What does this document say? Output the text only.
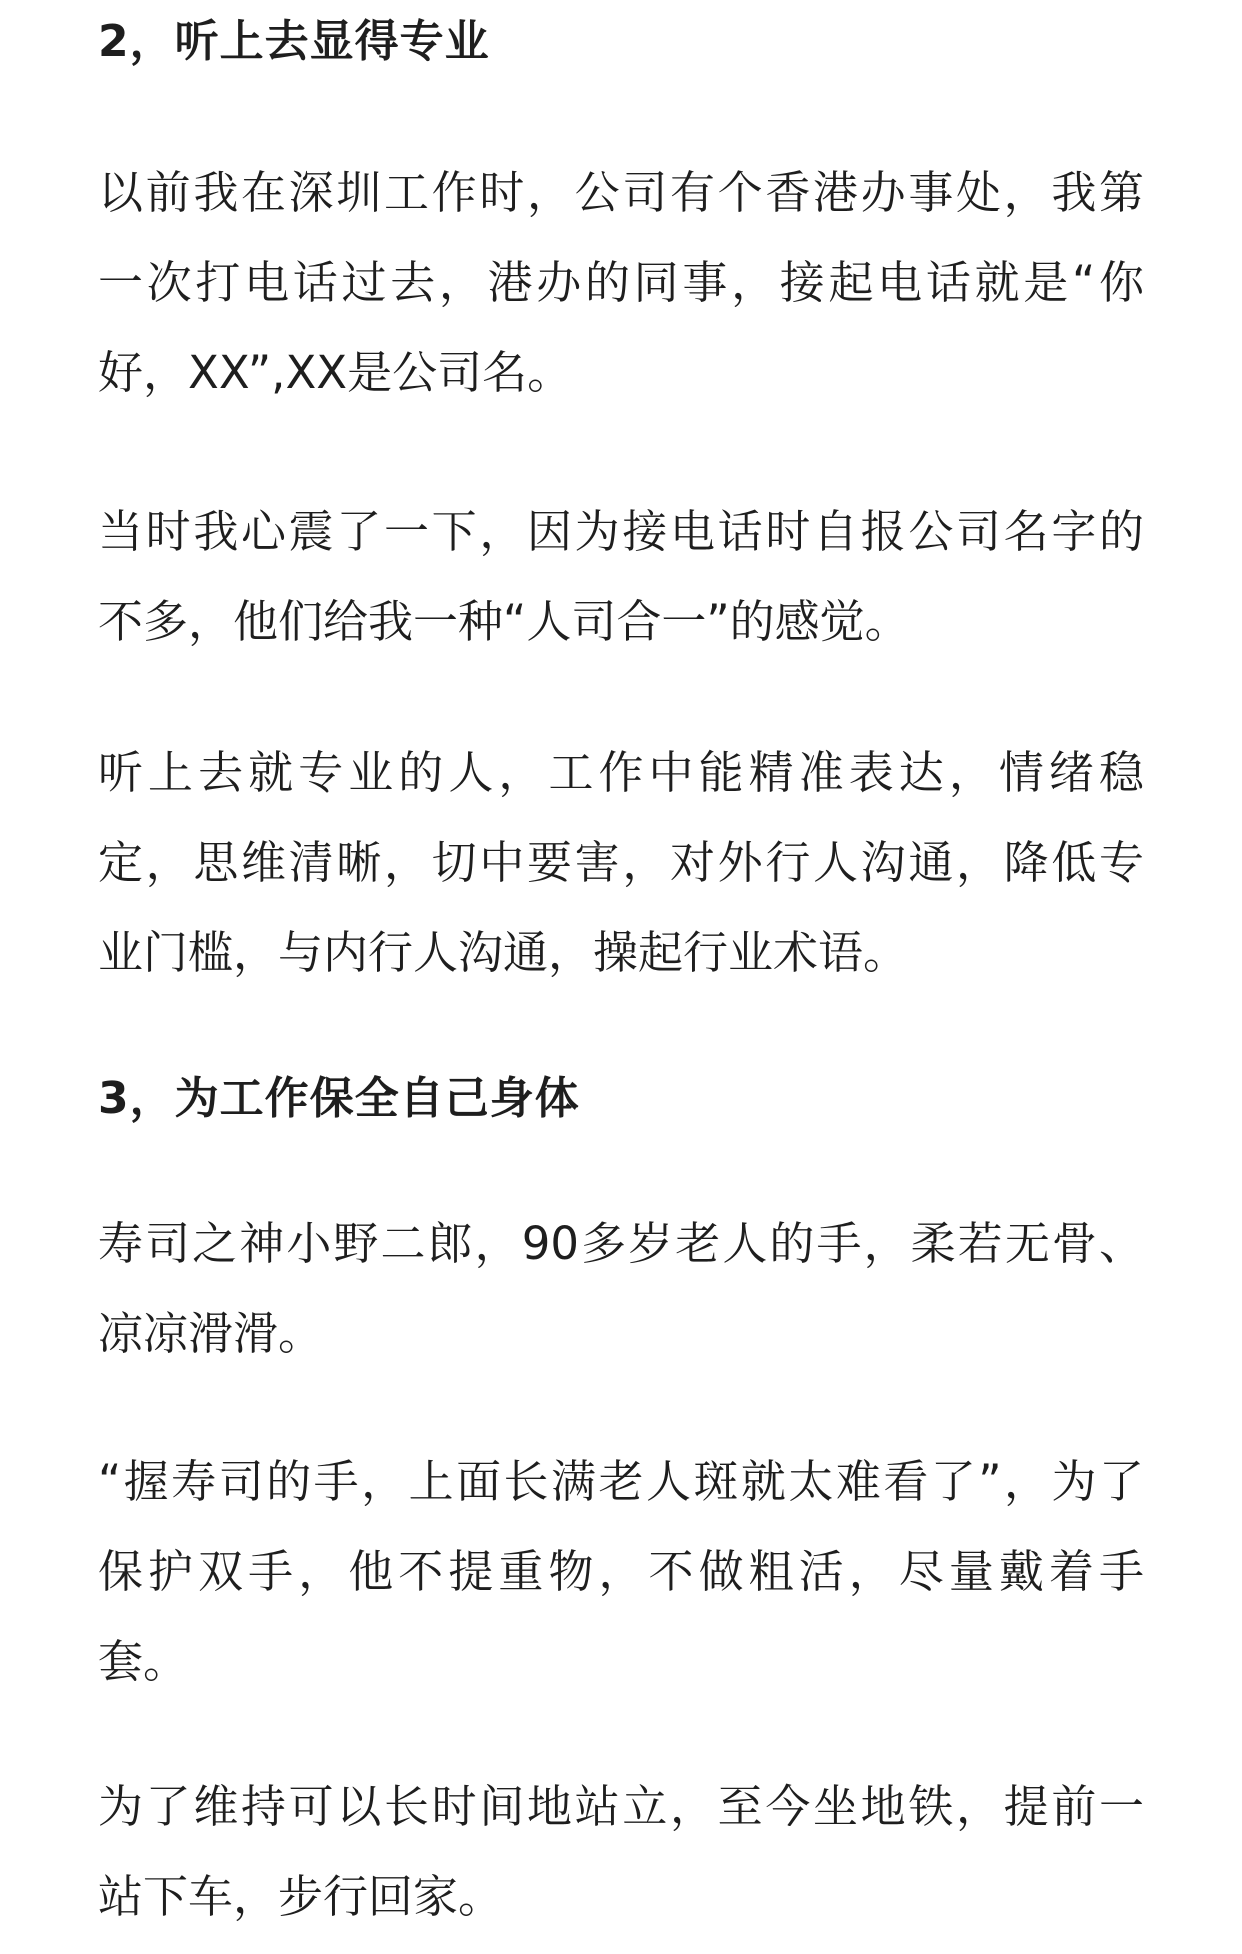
2，听上去显得专业
以前我在深圳工作时，公司有个香港办事处，我第
一次打电话过去，港办的同事，接起电话就是“你
好，XX”,XX是公司名。
当时我心震了一下，因为接电话时自报公司名字的
不多，他们给我一种“人司合一”的感觉。
听上去就专业的人，工作中能精准表达，情绪稳
定，思维清晰，切中要害，对外行人沟通，降低专
业门槛，与内行人沟通，操起行业术语。
3，为工作保全自己身体
寿司之神小野二郎，90多岁老人的手，柔若无骨、
凉凉滑滑。
“握寿司的手，上面长满老人斑就太难看了”，为了
保护双手，他不提重物，不做粗活，尽量戴着手
套。
为了维持可以长时间地站立，至今坐地铁，提前一
站下车，步行回家。
